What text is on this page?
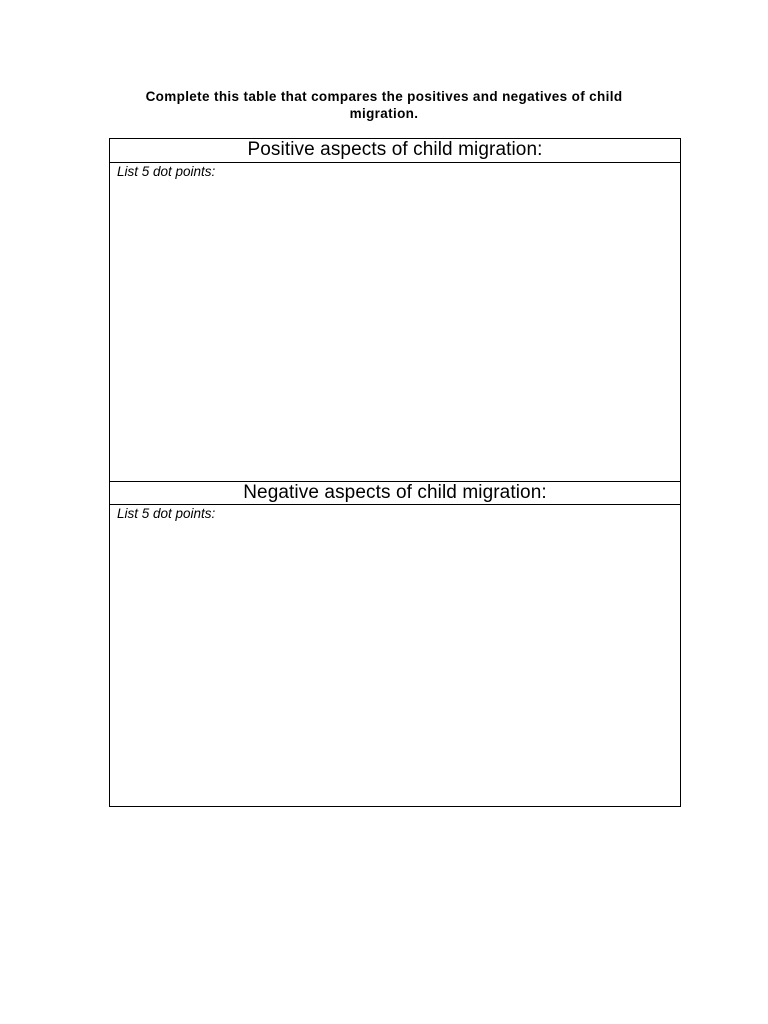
Complete this table that compares the positives and negatives of child
migration.
Positive aspects of child migration:
List 5 dot points:
Negative aspects of child migration:
List 5 dot points:
